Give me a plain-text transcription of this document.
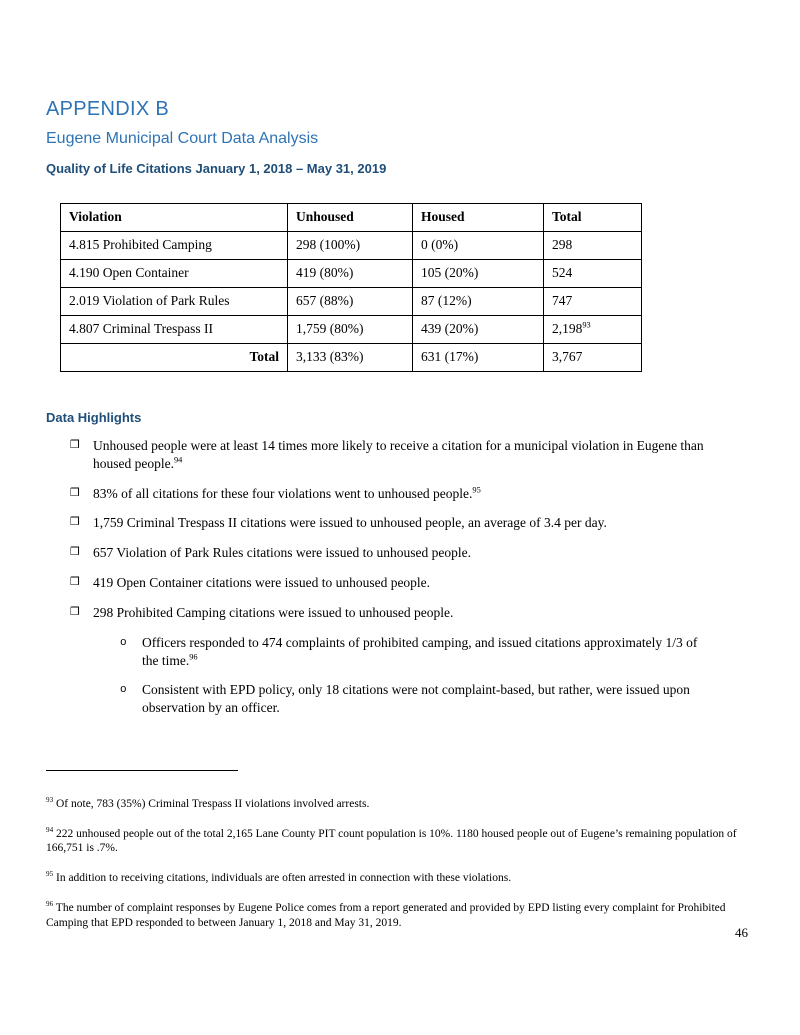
APPENDIX B
Eugene Municipal Court Data Analysis
Quality of Life Citations January 1, 2018 – May 31, 2019
Violation	Unhoused	Housed	Total
4.815 Prohibited Camping	298 (100%)	0 (0%)	298
4.190 Open Container	419 (80%)	105 (20%)	524
2.019 Violation of Park Rules	657 (88%)	87 (12%)	747
4.807 Criminal Trespass II	1,759 (80%)	439 (20%)	2,198$^{93}$
Total	3,133 (83%)	631 (17%)	3,767
Data Highlights
❒ Unhoused people were at least 14 times more likely to receive a citation for a municipal violation in Eugene than housed people.$^{94}$
❒ 83% of all citations for these four violations went to unhoused people.$^{95}$
❒ 1,759 Criminal Trespass II citations were issued to unhoused people, an average of 3.4 per day.
❒ 657 Violation of Park Rules citations were issued to unhoused people.
❒ 419 Open Container citations were issued to unhoused people.
❒ 298 Prohibited Camping citations were issued to unhoused people.
o	Officers responded to 474 complaints of prohibited camping, and issued citations approximately 1/3 of the time.$^{96}$
o	Consistent with EPD policy, only 18 citations were not complaint-based, but rather, were issued upon observation by an officer.

$^{93}$ Of note, 783 (35%) Criminal Trespass II violations involved arrests.

$^{94}$ 222 unhoused people out of the total 2,165 Lane County PIT count population is 10%. 1180 housed people out of Eugene’s remaining population of 166,751 is .7%.

$^{95}$ In addition to receiving citations, individuals are often arrested in connection with these violations.

$^{96}$ The number of complaint responses by Eugene Police comes from a report generated and provided by EPD listing every complaint for Prohibited Camping that EPD responded to between January 1, 2018 and May 31, 2019.

46
